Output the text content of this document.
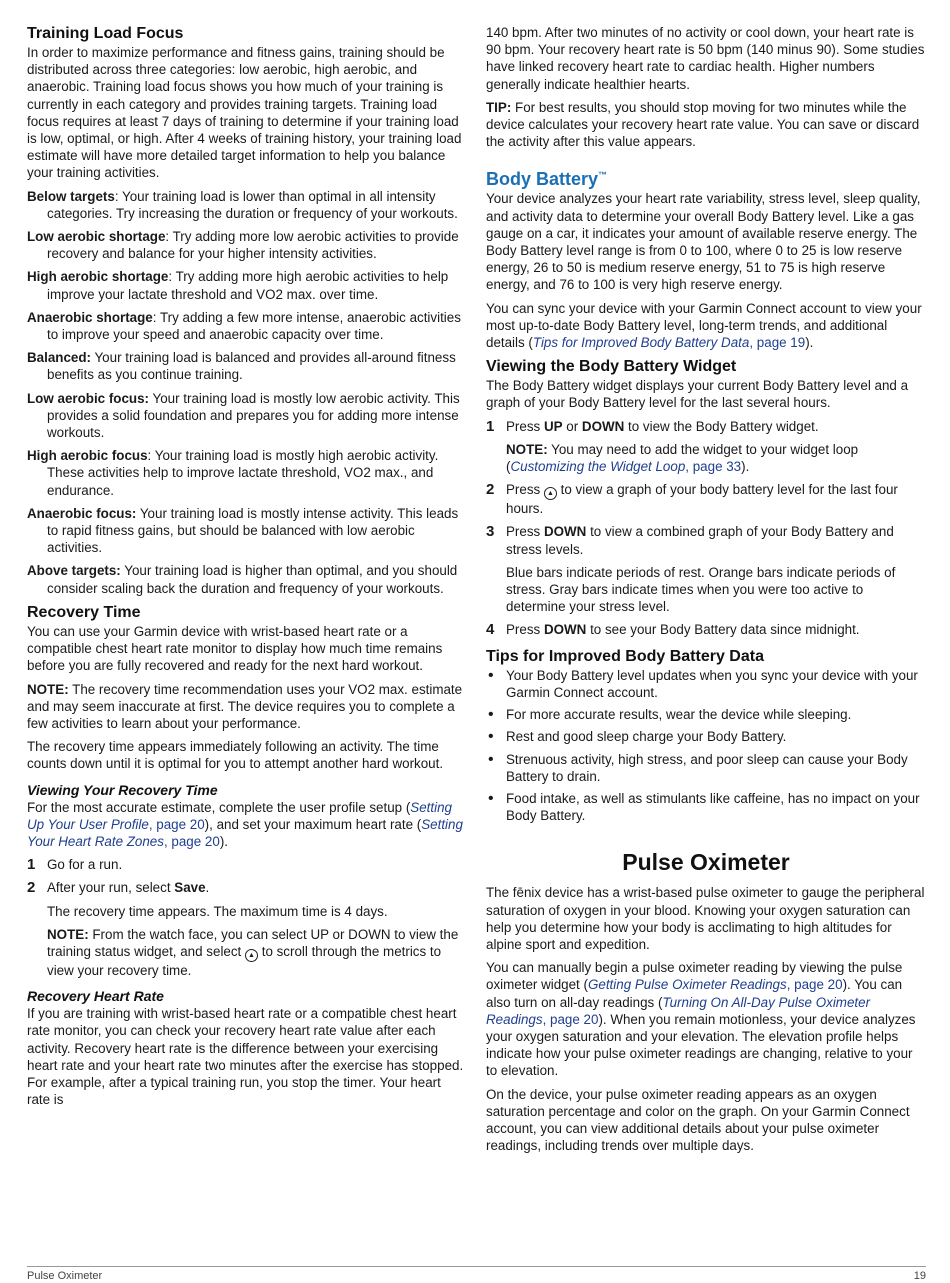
Training Load Focus

In order to maximize performance and fitness gains, training should be distributed across three categories: low aerobic, high aerobic, and anaerobic. Training load focus shows you how much of your training is currently in each category and provides training targets. Training load focus requires at least 7 days of training to determine if your training load is low, optimal, or high. After 4 weeks of training history, your training load estimate will have more detailed target information to help you balance your training activities.

Below targets: Your training load is lower than optimal in all intensity categories. Try increasing the duration or frequency of your workouts.

Low aerobic shortage: Try adding more low aerobic activities to provide recovery and balance for your higher intensity activities.

High aerobic shortage: Try adding more high aerobic activities to help improve your lactate threshold and VO2 max. over time.

Anaerobic shortage: Try adding a few more intense, anaerobic activities to improve your speed and anaerobic capacity over time.

Balanced: Your training load is balanced and provides all-around fitness benefits as you continue training.

Low aerobic focus: Your training load is mostly low aerobic activity. This provides a solid foundation and prepares you for adding more intense workouts.

High aerobic focus: Your training load is mostly high aerobic activity. These activities help to improve lactate threshold, VO2 max., and endurance.

Anaerobic focus: Your training load is mostly intense activity. This leads to rapid fitness gains, but should be balanced with low aerobic activities.

Above targets: Your training load is higher than optimal, and you should consider scaling back the duration and frequency of your workouts.

Recovery Time

You can use your Garmin device with wrist-based heart rate or a compatible chest heart rate monitor to display how much time remains before you are fully recovered and ready for the next hard workout.

NOTE: The recovery time recommendation uses your VO2 max. estimate and may seem inaccurate at first. The device requires you to complete a few activities to learn about your performance.

The recovery time appears immediately following an activity. The time counts down until it is optimal for you to attempt another hard workout.

Viewing Your Recovery Time

For the most accurate estimate, complete the user profile setup (Setting Up Your User Profile, page 20), and set your maximum heart rate (Setting Your Heart Rate Zones, page 20).

1 Go for a run.

2 After your run, select Save.

The recovery time appears. The maximum time is 4 days.

NOTE: From the watch face, you can select UP or DOWN to view the training status widget, and select ▲ to scroll through the metrics to view your recovery time.

Recovery Heart Rate

If you are training with wrist-based heart rate or a compatible chest heart rate monitor, you can check your recovery heart rate value after each activity. Recovery heart rate is the difference between your exercising heart rate and your heart rate two minutes after the exercise has stopped. For example, after a typical training run, you stop the timer. Your heart rate is

140 bpm. After two minutes of no activity or cool down, your heart rate is 90 bpm. Your recovery heart rate is 50 bpm (140 minus 90). Some studies have linked recovery heart rate to cardiac health. Higher numbers generally indicate healthier hearts.

TIP: For best results, you should stop moving for two minutes while the device calculates your recovery heart rate value. You can save or discard the activity after this value appears.

Body Battery™

Your device analyzes your heart rate variability, stress level, sleep quality, and activity data to determine your overall Body Battery level. Like a gas gauge on a car, it indicates your amount of available reserve energy. The Body Battery level range is from 0 to 100, where 0 to 25 is low reserve energy, 26 to 50 is medium reserve energy, 51 to 75 is high reserve energy, and 76 to 100 is very high reserve energy.

You can sync your device with your Garmin Connect account to view your most up-to-date Body Battery level, long-term trends, and additional details (Tips for Improved Body Battery Data, page 19).

Viewing the Body Battery Widget

The Body Battery widget displays your current Body Battery level and a graph of your Body Battery level for the last several hours.

1 Press UP or DOWN to view the Body Battery widget.

NOTE: You may need to add the widget to your widget loop (Customizing the Widget Loop, page 33).

2 Press ▲ to view a graph of your body battery level for the last four hours.

3 Press DOWN to view a combined graph of your Body Battery and stress levels.

Blue bars indicate periods of rest. Orange bars indicate periods of stress. Gray bars indicate times when you were too active to determine your stress level.

4 Press DOWN to see your Body Battery data since midnight.

Tips for Improved Body Battery Data
• Your Body Battery level updates when you sync your device with your Garmin Connect account.

• For more accurate results, wear the device while sleeping.

• Rest and good sleep charge your Body Battery.

• Strenuous activity, high stress, and poor sleep can cause your Body Battery to drain.

• Food intake, as well as stimulants like caffeine, has no impact on your Body Battery.

Pulse Oximeter

The fēnix device has a wrist-based pulse oximeter to gauge the peripheral saturation of oxygen in your blood. Knowing your oxygen saturation can help you determine how your body is acclimating to high altitudes for alpine sport and expedition.

You can manually begin a pulse oximeter reading by viewing the pulse oximeter widget (Getting Pulse Oximeter Readings, page 20). You can also turn on all-day readings (Turning On All-Day Pulse Oximeter Readings, page 20). When you remain motionless, your device analyzes your oxygen saturation and your elevation. The elevation profile helps indicate how your pulse oximeter readings are changing, relative to your to elevation.

On the device, your pulse oximeter reading appears as an oxygen saturation percentage and color on the graph. On your Garmin Connect account, you can view additional details about your pulse oximeter readings, including trends over multiple days.

Pulse Oximeter	19
